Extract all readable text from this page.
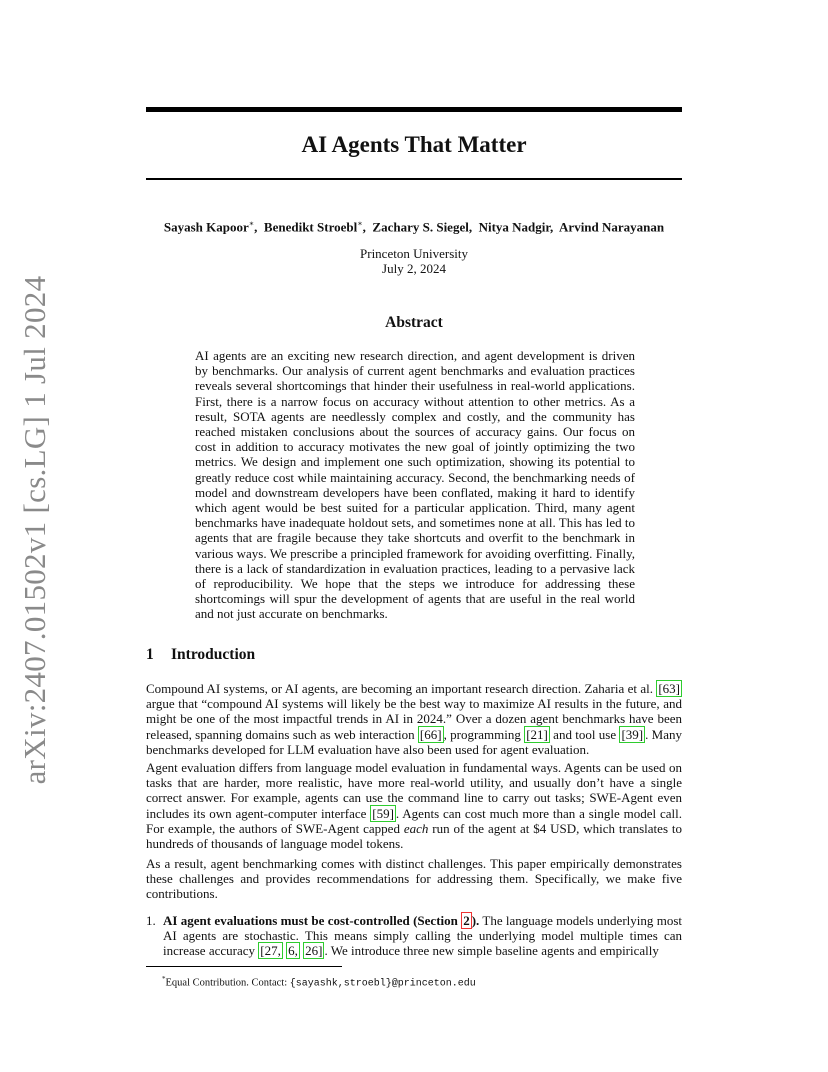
arXiv:2407.01502v1 [cs.LG] 1 Jul 2024
AI Agents That Matter
Sayash Kapoor∗,  Benedikt Stroebl∗,  Zachary S. Siegel,  Nitya Nadgir,  Arvind Narayanan
Princeton University
July 2, 2024
Abstract

AI agents are an exciting new research direction, and agent development is driven by benchmarks. Our analysis of current agent benchmarks and evaluation practices reveals several shortcomings that hinder their usefulness in real-world applications. First, there is a narrow focus on accuracy without attention to other metrics. As a result, SOTA agents are needlessly complex and costly, and the community has reached mistaken conclusions about the sources of accuracy gains. Our focus on cost in addition to accuracy motivates the new goal of jointly optimizing the two metrics. We design and implement one such optimization, showing its potential to greatly reduce cost while maintaining accuracy. Second, the benchmarking needs of model and downstream developers have been conflated, making it hard to identify which agent would be best suited for a particular application. Third, many agent benchmarks have inadequate holdout sets, and sometimes none at all. This has led to agents that are fragile because they take shortcuts and overfit to the benchmark in various ways. We prescribe a principled framework for avoiding overfitting. Finally, there is a lack of standardization in evaluation practices, leading to a pervasive lack of reproducibility. We hope that the steps we introduce for addressing these shortcomings will spur the development of agents that are useful in the real world and not just accurate on benchmarks.

1 Introduction

Compound AI systems, or AI agents, are becoming an important research direction. Zaharia et al. [63] argue that “compound AI systems will likely be the best way to maximize AI results in the future, and might be one of the most impactful trends in AI in 2024.” Over a dozen agent benchmarks have been released, spanning domains such as web interaction [66] , programming [21] and tool use [39] . Many benchmarks developed for LLM evaluation have also been used for agent evaluation.

Agent evaluation differs from language model evaluation in fundamental ways. Agents can be used on tasks that are harder, more realistic, have more real-world utility, and usually don’t have a single correct answer. For example, agents can use the command line to carry out tasks; SWE-Agent even includes its own agent-computer interface [59] . Agents can cost much more than a single model call. For example, the authors of SWE-Agent capped each run of the agent at $4 USD, which translates to hundreds of thousands of language model tokens.

As a result, agent benchmarking comes with distinct challenges. This paper empirically demonstrates these challenges and provides recommendations for addressing them. Specifically, we make five contributions.

1. AI agent evaluations must be cost-controlled (Section 2 ). The language models underlying most AI agents are stochastic. This means simply calling the underlying model multiple times can increase accuracy [27, 6, 26] . We introduce three new simple baseline agents and empirically
*Equal Contribution. Contact: {sayashk,stroebl}@princeton.edu
